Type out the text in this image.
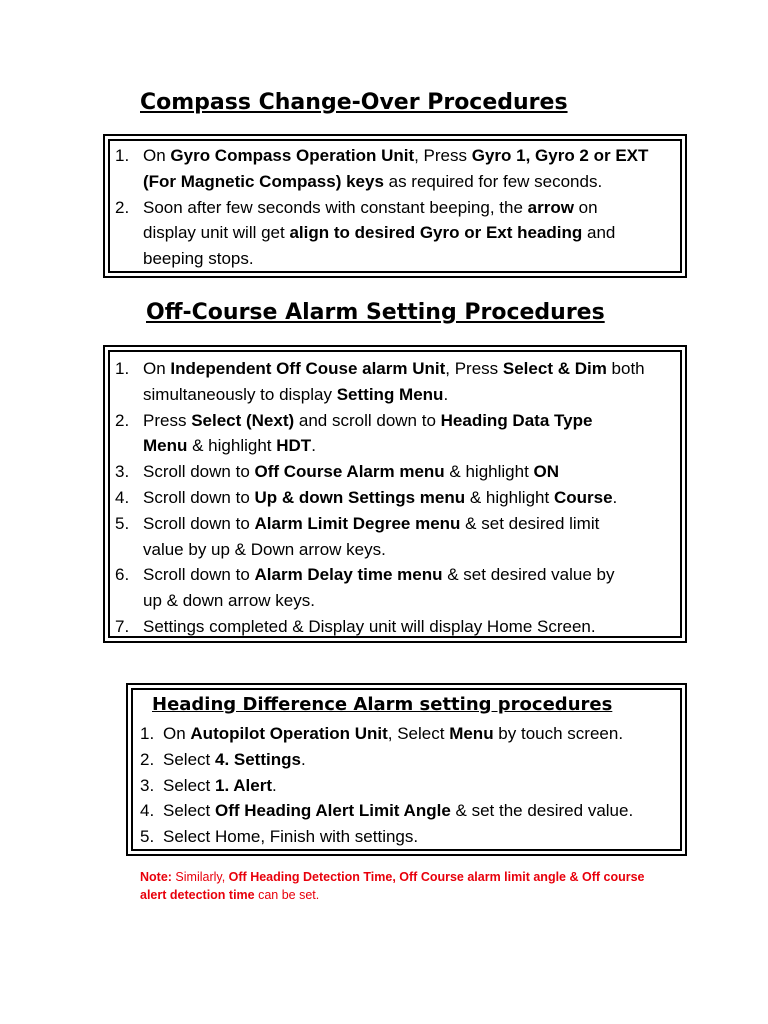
Compass Change-Over Procedures
1. On Gyro Compass Operation Unit, Press Gyro 1, Gyro 2 or EXT
(For Magnetic Compass) keys as required for few seconds.
2. Soon after few seconds with constant beeping, the arrow on
display unit will get align to desired Gyro or Ext heading and
beeping stops.
Off-Course Alarm Setting Procedures
1. On Independent Off Couse alarm Unit, Press Select & Dim both
simultaneously to display Setting Menu.
2. Press Select (Next) and scroll down to Heading Data Type
Menu & highlight HDT.
3. Scroll down to Off Course Alarm menu & highlight ON
4. Scroll down to Up & down Settings menu & highlight Course.
5. Scroll down to Alarm Limit Degree menu & set desired limit
value by up & Down arrow keys.
6. Scroll down to Alarm Delay time menu & set desired value by
up & down arrow keys.
7. Settings completed & Display unit will display Home Screen.
Heading Difference Alarm setting procedures
1. On Autopilot Operation Unit, Select Menu by touch screen.
2. Select 4. Settings.
3. Select 1. Alert.
4. Select Off Heading Alert Limit Angle & set the desired value.
5. Select Home, Finish with settings.
Note: Similarly, Off Heading Detection Time, Off Course alarm limit angle & Off course
alert detection time can be set.
